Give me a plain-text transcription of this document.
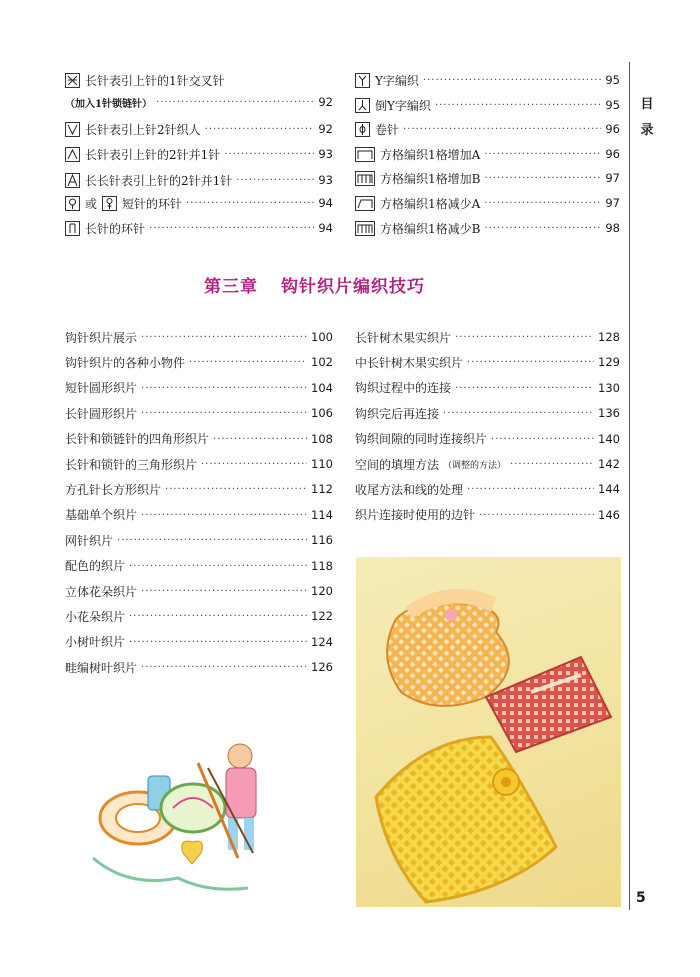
目
录
5
长针表引上针的1针交叉针
（加入1针锁链针） ·····	92
长针表引上针2针织人 ·····	92
长针表引上针的2针并1针 ·····	93
长长针表引上针的2针并1针 ·····	93
或 短针的环针 ·····	94
长针的环针 ·····	94
Y字编织 ·····	95
倒Y字编织 ·····	95
卷针 ·····	96
方格编织1格增加A ·····	96
方格编织1格增加B ·····	97
方格编织1格减少A ·····	97
方格编织1格减少B ·····	98
第三章 钩针织片编织技巧
钩针织片展示 ·····	100
钩针织片的各种小物件 ·····	102
短针圆形织片 ·····	104
长针圆形织片 ·····	106
长针和锁链针的四角形织片 ·····	108
长针和锁针的三角形织片 ·····	110
方孔针长方形织片 ·····	112
基础单个织片 ·····	114
网针织片 ·····	116
配色的织片 ·····	118
立体花朵织片 ·····	120
小花朵织片 ·····	122
小树叶织片 ·····	124
畦编树叶织片 ·····	126
长针树木果实织片 ·····	128
中长针树木果实织片 ·····	129
钩织过程中的连接 ·····	130
钩织完后再连接 ·····	136
钩织间隙的同时连接织片 ·····	140
空间的填埋方法 （调整的方法） ·····	142
收尾方法和线的处理 ·····	144
织片连接时使用的边针 ·····	146
